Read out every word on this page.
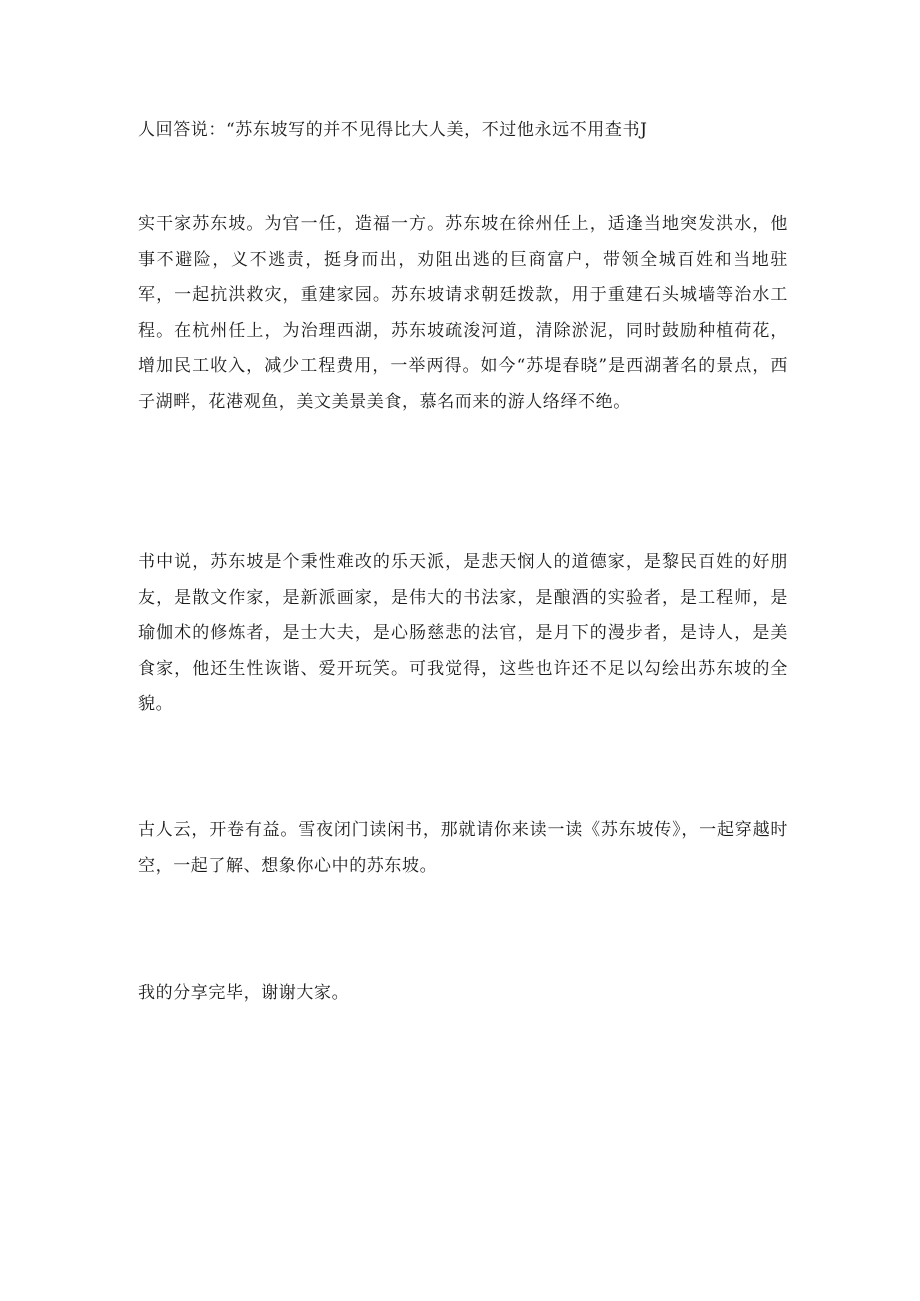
人回答说：“苏东坡写的并不见得比大人美，不过他永远不用查书J

实干家苏东坡。为官一任，造福一方。苏东坡在徐州任上，适逢当地突发洪水，他事不避险，义不逃责，挺身而出，劝阻出逃的巨商富户，带领全城百姓和当地驻军，一起抗洪救灾，重建家园。苏东坡请求朝廷拨款，用于重建石头城墙等治水工程。在杭州任上，为治理西湖，苏东坡疏浚河道，清除淤泥，同时鼓励种植荷花，增加民工收入，减少工程费用，一举两得。如今“苏堤春晓”是西湖著名的景点，西子湖畔，花港观鱼，美文美景美食，慕名而来的游人络绎不绝。

书中说，苏东坡是个秉性难改的乐天派，是悲天悯人的道德家，是黎民百姓的好朋友，是散文作家，是新派画家，是伟大的书法家，是酿酒的实验者，是工程师，是瑜伽术的修炼者，是士大夫，是心肠慈悲的法官，是月下的漫步者，是诗人，是美食家，他还生性诙谐、爱开玩笑。可我觉得，这些也许还不足以勾绘出苏东坡的全貌。

古人云，开卷有益。雪夜闭门读闲书，那就请你来读一读《苏东坡传》，一起穿越时空，一起了解、想象你心中的苏东坡。

我的分享完毕，谢谢大家。
